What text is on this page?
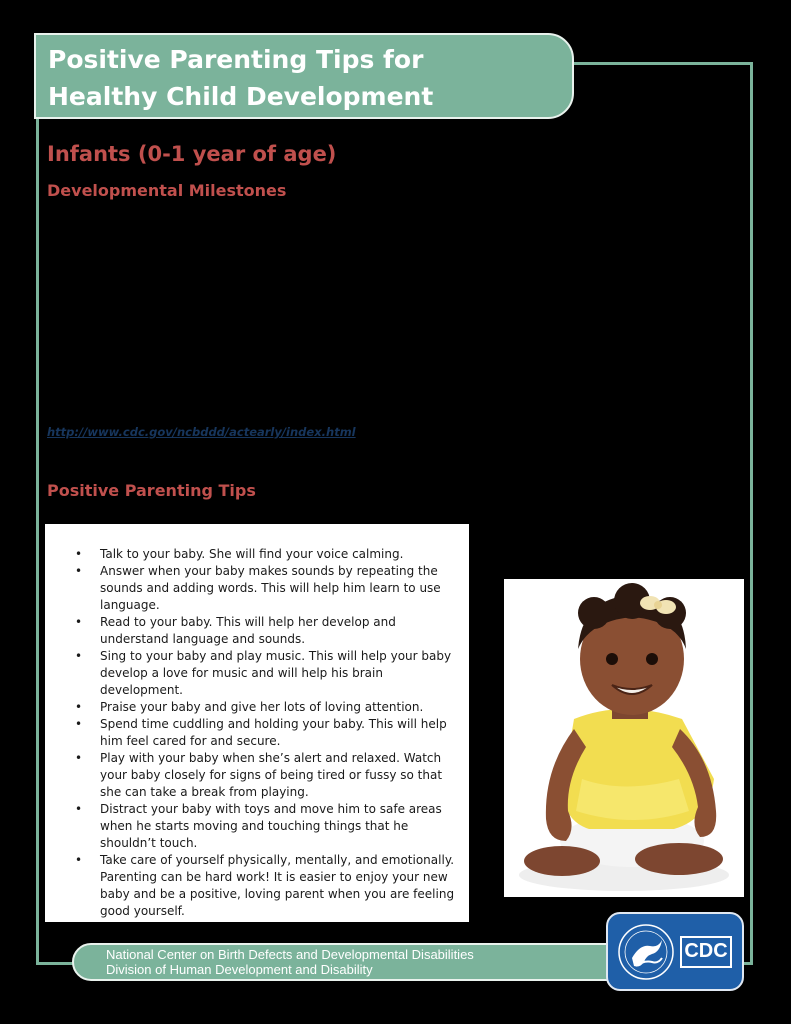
Positive Parenting Tips for
Healthy Child Development
Infants (0-1 year of age)
Developmental Milestones
http://www.cdc.gov/ncbddd/actearly/index.html
Positive Parenting Tips
• Talk to your baby. She will find your voice calming.
• Answer when your baby makes sounds by repeating the sounds and adding words. This will help him learn to use language.
• Read to your baby. This will help her develop and understand language and sounds.
• Sing to your baby and play music. This will help your baby develop a love for music and will help his brain development.
• Praise your baby and give her lots of loving attention.
• Spend time cuddling and holding your baby. This will help him feel cared for and secure.
• Play with your baby when she’s alert and relaxed. Watch your baby closely for signs of being tired or fussy so that she can take a break from playing.
• Distract your baby with toys and move him to safe areas when he starts moving and touching things that he shouldn’t touch.
• Take care of yourself physically, mentally, and emotionally. Parenting can be hard work! It is easier to enjoy your new baby and be a positive, loving parent when you are feeling good yourself.
National Center on Birth Defects and Developmental Disabilities
Division of Human Development and Disability
CDC
